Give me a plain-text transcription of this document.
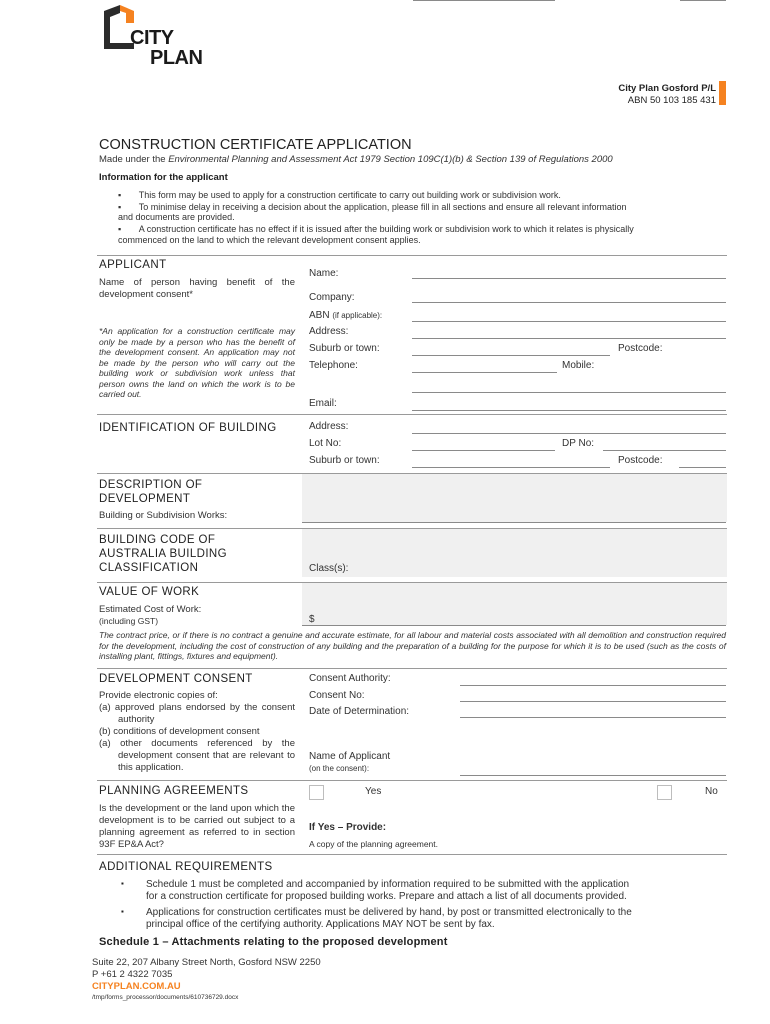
CITY
PLAN
City Plan Gosford P/L
ABN 50 103 185 431
CONSTRUCTION CERTIFICATE APPLICATION
Made under the Environmental Planning and Assessment Act 1979 Section 109C(1)(b) & Section 139 of Regulations 2000
Information for the applicant
▪       This form may be used to apply for a construction certificate to carry out building work or subdivision work.
▪       To minimise delay in receiving a decision about the application, please fill in all sections and ensure all relevant information
and documents are provided.
▪       A construction certificate has no effect if it is issued after the building work or subdivision work to which it relates is physically
commenced on the land to which the relevant development consent applies.
APPLICANT
Name of person having benefit of the development consent*
*An application for a construction certificate may only be made by a person who has the benefit of the development consent. An application may not be made by the person who will carry out the building work or subdivision work unless that person owns the land on which the work is to be carried out.
Name:
Company:
ABN (if applicable):
Address:
Suburb or town:	Postcode:
Telephone:	Mobile:
Email:
IDENTIFICATION OF BUILDING	Address:
Lot No:	DP No:
Suburb or town:	Postcode:
DESCRIPTION OF
DEVELOPMENT
Building or Subdivision Works:
BUILDING CODE OF
AUSTRALIA BUILDING
CLASSIFICATION	Class(s):
VALUE OF WORK
Estimated Cost of Work:
(including GST)	$
The contract price, or if there is no contract a genuine and accurate estimate, for all labour and material costs associated with all demolition and construction required for the development, including the cost of construction of any building and the preparation of a building for the purpose for which it is to be used (such as the costs of installing plant, fittings, fixtures and equipment).
DEVELOPMENT CONSENT
Provide electronic copies of:
(a) approved plans endorsed by the consent authority
(b) conditions of development consent
(a) other documents referenced by the development consent that are relevant to this application.
Consent Authority:
Consent No:
Date of Determination:
Name of Applicant
(on the consent):
PLANNING AGREEMENTS
Is the development or the land upon which the development is to be carried out subject to a planning agreement as referred to in section 93F EP&A Act?
Yes	No
If Yes – Provide:
A copy of the planning agreement.
ADDITIONAL REQUIREMENTS
▪ Schedule 1 must be completed and accompanied by information required to be submitted with the application
for a construction certificate for proposed building works. Prepare and attach a list of all documents provided.
▪ Applications for construction certificates must be delivered by hand, by post or transmitted electronically to the
principal office of the certifying authority. Applications MAY NOT be sent by fax.
Schedule 1 – Attachments relating to the proposed development
Suite 22, 207 Albany Street North, Gosford NSW 2250
P +61 2 4322 7035
CITYPLAN.COM.AU
/tmp/forms_processor/documents/610736729.docx
